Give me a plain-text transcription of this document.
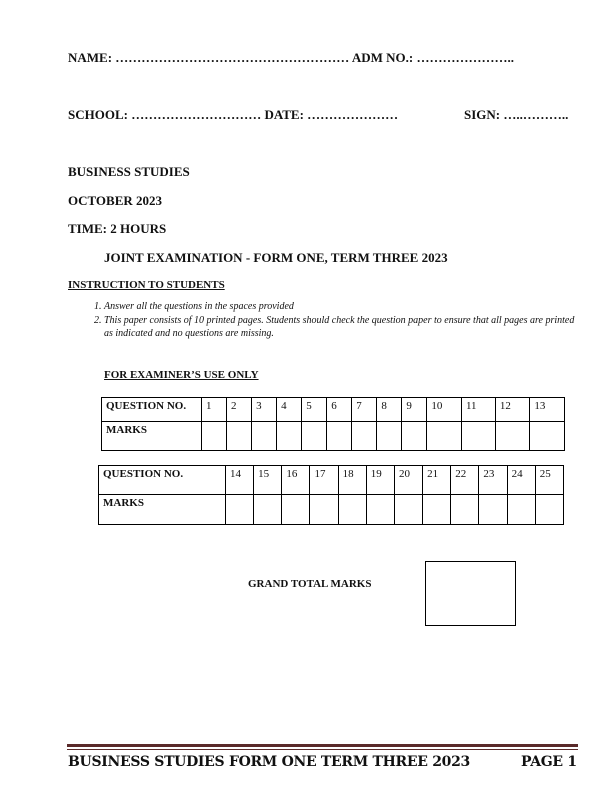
NAME: ……………………………………………… ADM NO.: …………………..
SCHOOL: ………………………… DATE: …………………	SIGN: …..………..
BUSINESS STUDIES
OCTOBER 2023
TIME: 2 HOURS
JOINT EXAMINATION - FORM ONE, TERM THREE 2023
INSTRUCTION TO STUDENTS
1. Answer all the questions in the spaces provided
2. This paper consists of 10 printed pages. Students should check the question paper to ensure that all pages are printed as indicated and no questions are missing.
FOR EXAMINER’S USE ONLY
QUESTION NO.	1	2	3	4	5	6	7	8	9	10	11	12	13
MARKS													
QUESTION NO.	14	15	16	17	18	19	20	21	22	23	24	25
MARKS												
GRAND TOTAL MARKS
BUSINESS STUDIES FORM ONE TERM THREE 2023	PAGE 1
